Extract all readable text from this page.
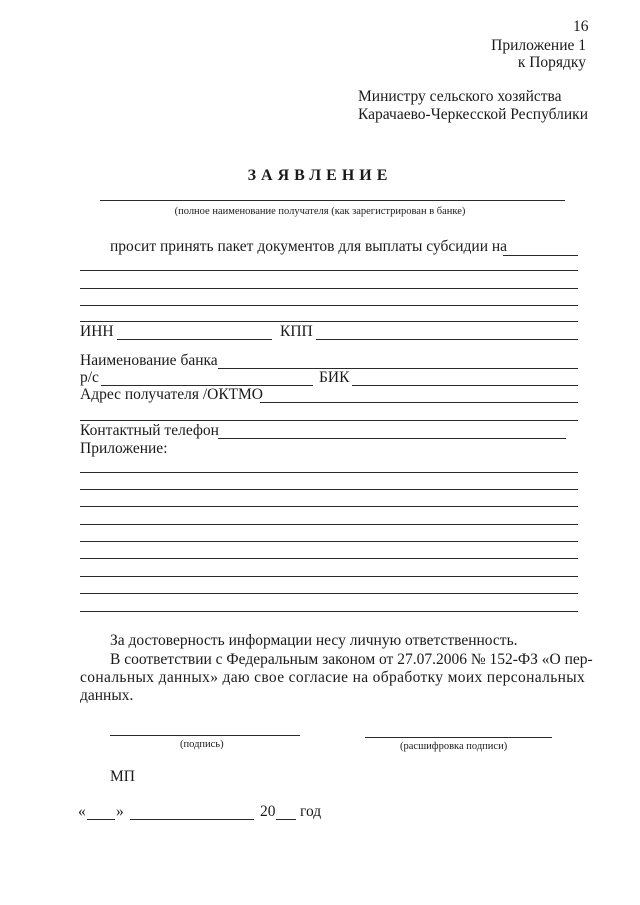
16
Приложение 1
к Порядку
Министру сельского хозяйства
Карачаево-Черкесской Республики
ЗАЯВЛЕНИЕ
(полное наименование получателя (как зарегистрирован в банке)
просит принять пакет документов для выплаты субсидии на
ИНН	КПП
Наименование банка
р/с	БИК
Адрес получателя /ОКТМО
Контактный телефон
Приложение:
За достоверность информации несу личную ответственность.
В соответствии с Федеральным законом от 27.07.2006 № 152-ФЗ «О пер-
сональных данных» даю свое согласие на обработку моих персональных
данных.
(подпись)	(расшифровка подписи)
МП
« »	20 год
